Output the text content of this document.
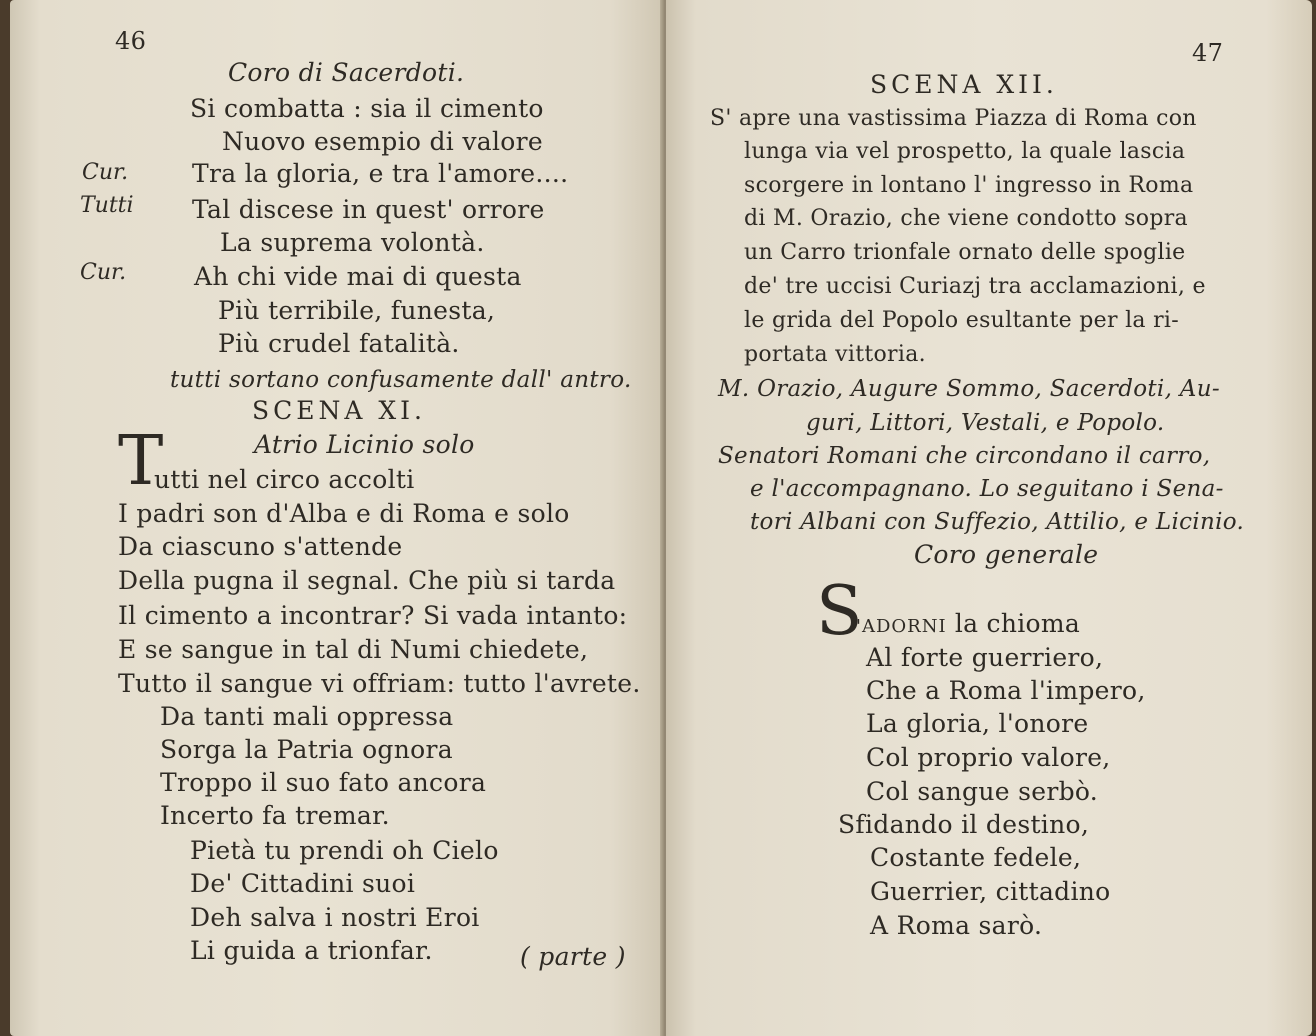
46
Coro di Sacerdoti.
Cur.
Tutti
Cur.
Si combatta : sia il cimento
Nuovo esempio di valore
Tra la gloria, e tra l'amore....
Tal discese in quest' orrore
La suprema volontà.
Ah chi vide mai di questa
Più terribile, funesta,
Più crudel fatalità.
tutti sortano confusamente dall' antro.
SCENA XI.
Atrio Licinio solo
T
utti nel circo accolti
I padri son d'Alba e di Roma e solo
Da ciascuno s'attende
Della pugna il segnal. Che più si tarda
Il cimento a incontrar? Si vada intanto:
E se sangue in tal di Numi chiedete,
Tutto il sangue vi offriam: tutto l'avrete.
Da tanti mali oppressa
Sorga la Patria ognora
Troppo il suo fato ancora
Incerto fa tremar.
Pietà tu prendi oh Cielo
De' Cittadini suoi
Deh salva i nostri Eroi
Li guida a trionfar.	( parte )
47
SCENA XII.
S' apre una vastissima Piazza di Roma con
lunga via vel prospetto, la quale lascia
scorgere in lontano l' ingresso in Roma
di M. Orazio, che viene condotto sopra
un Carro trionfale ornato delle spoglie
de' tre uccisi Curiazj tra acclamazioni, e
le grida del Popolo esultante per la ri-
portata vittoria.
M. Orazio, Augure Sommo, Sacerdoti, Au-
guri, Littori, Vestali, e Popolo.
Senatori Romani che circondano il carro,
e l'accompagnano. Lo seguitano i Sena-
tori Albani con Suffezio, Attilio, e Licinio.
Coro generale
S
'ADORNI la chioma
Al forte guerriero,
Che a Roma l'impero,
La gloria, l'onore
Col proprio valore,
Col sangue serbò.
Sfidando il destino,
Costante fedele,
Guerrier, cittadino
A Roma sarò.
